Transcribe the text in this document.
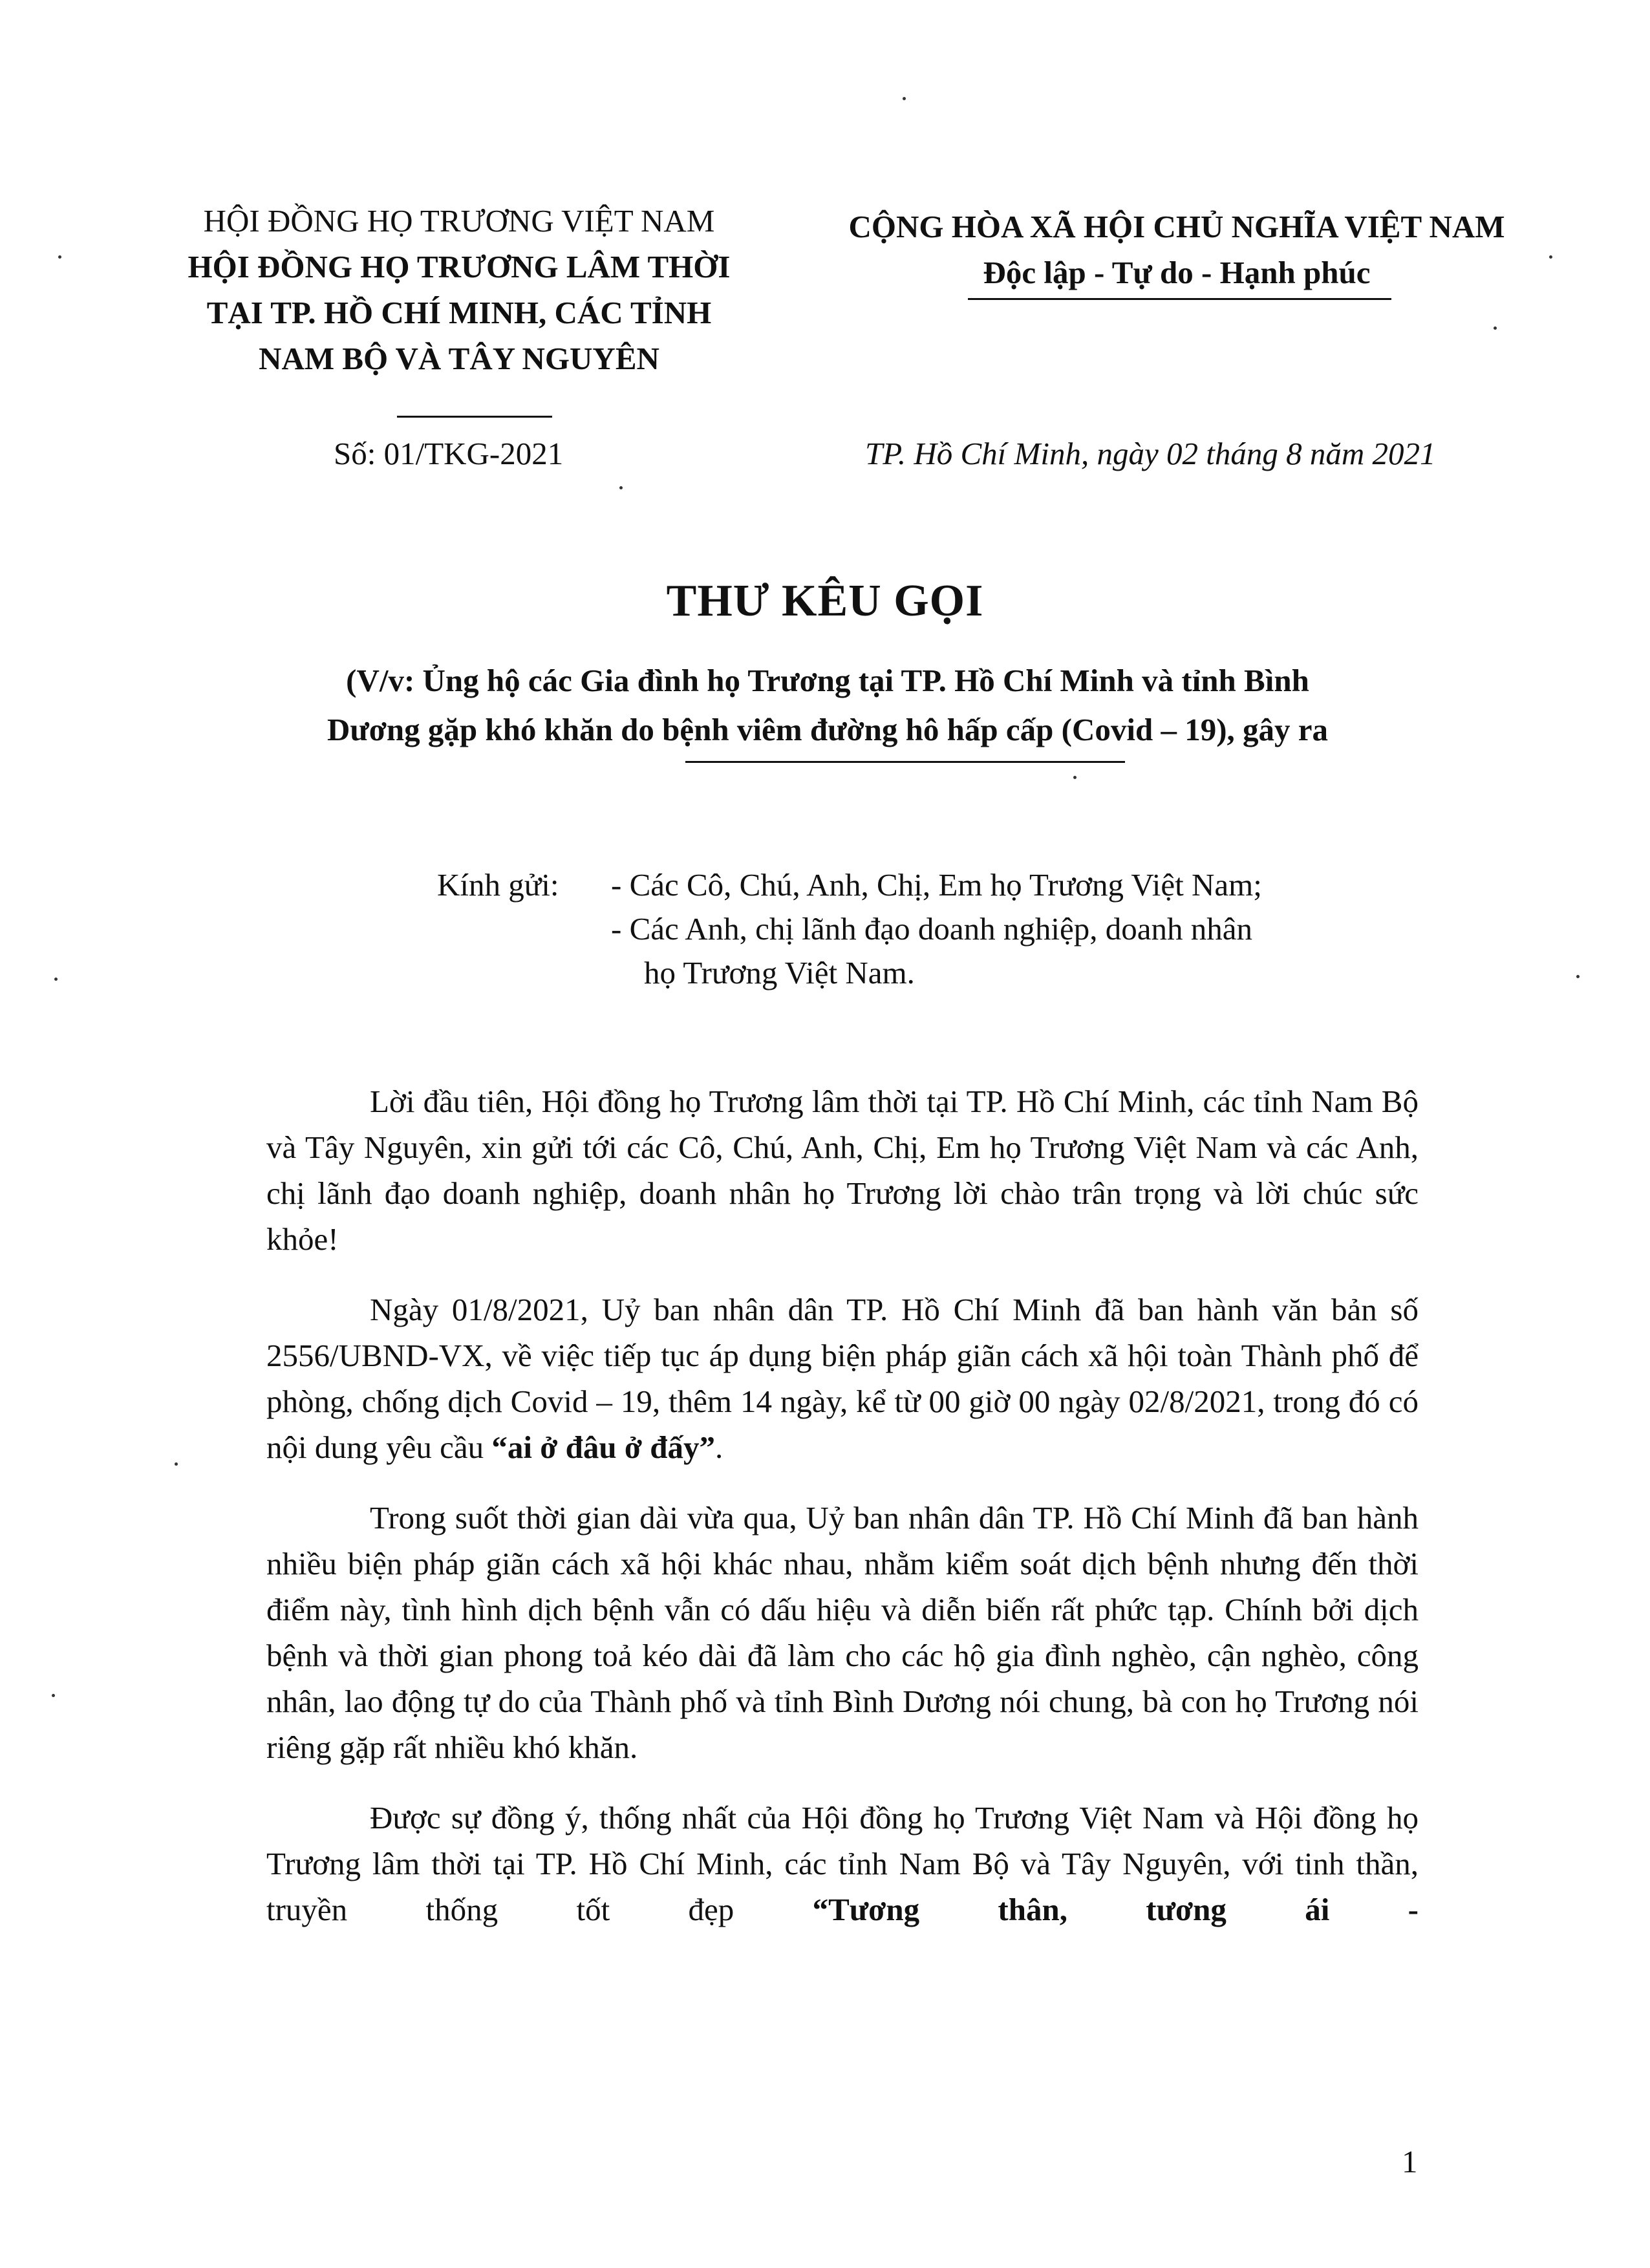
HỘI ĐỒNG HỌ TRƯƠNG VIỆT NAM
HỘI ĐỒNG HỌ TRƯƠNG LÂM THỜI
TẠI TP. HỒ CHÍ MINH, CÁC TỈNH
NAM BỘ VÀ TÂY NGUYÊN
Số: 01/TKG-2021
CỘNG HÒA XÃ HỘI CHỦ NGHĨA VIỆT NAM
Độc lập - Tự do - Hạnh phúc
TP. Hồ Chí Minh, ngày 02 tháng 8 năm 2021
THƯ KÊU GỌI
(V/v: Ủng hộ các Gia đình họ Trương tại TP. Hồ Chí Minh và tỉnh Bình
Dương gặp khó khăn do bệnh viêm đường hô hấp cấp (Covid – 19), gây ra
Kính gửi: - Các Cô, Chú, Anh, Chị, Em họ Trương Việt Nam;
- Các Anh, chị lãnh đạo doanh nghiệp, doanh nhân
họ Trương Việt Nam.

Lời đầu tiên, Hội đồng họ Trương lâm thời tại TP. Hồ Chí Minh, các tỉnh Nam Bộ và Tây Nguyên, xin gửi tới các Cô, Chú, Anh, Chị, Em họ Trương Việt Nam và các Anh, chị lãnh đạo doanh nghiệp, doanh nhân họ Trương lời chào trân trọng và lời chúc sức khỏe!

Ngày 01/8/2021, Uỷ ban nhân dân TP. Hồ Chí Minh đã ban hành văn bản số 2556/UBND-VX, về việc tiếp tục áp dụng biện pháp giãn cách xã hội toàn Thành phố để phòng, chống dịch Covid – 19, thêm 14 ngày, kể từ 00 giờ 00 ngày 02/8/2021, trong đó có nội dung yêu cầu “ai ở đâu ở đấy”.

Trong suốt thời gian dài vừa qua, Uỷ ban nhân dân TP. Hồ Chí Minh đã ban hành nhiều biện pháp giãn cách xã hội khác nhau, nhằm kiểm soát dịch bệnh nhưng đến thời điểm này, tình hình dịch bệnh vẫn có dấu hiệu và diễn biến rất phức tạp. Chính bởi dịch bệnh và thời gian phong toả kéo dài đã làm cho các hộ gia đình nghèo, cận nghèo, công nhân, lao động tự do của Thành phố và tỉnh Bình Dương nói chung, bà con họ Trương nói riêng gặp rất nhiều khó khăn.

Được sự đồng ý, thống nhất của Hội đồng họ Trương Việt Nam và Hội đồng họ Trương lâm thời tại TP. Hồ Chí Minh, các tỉnh Nam Bộ và Tây Nguyên, với tinh thần, truyền thống tốt đẹp “Tương thân, tương ái -

1
